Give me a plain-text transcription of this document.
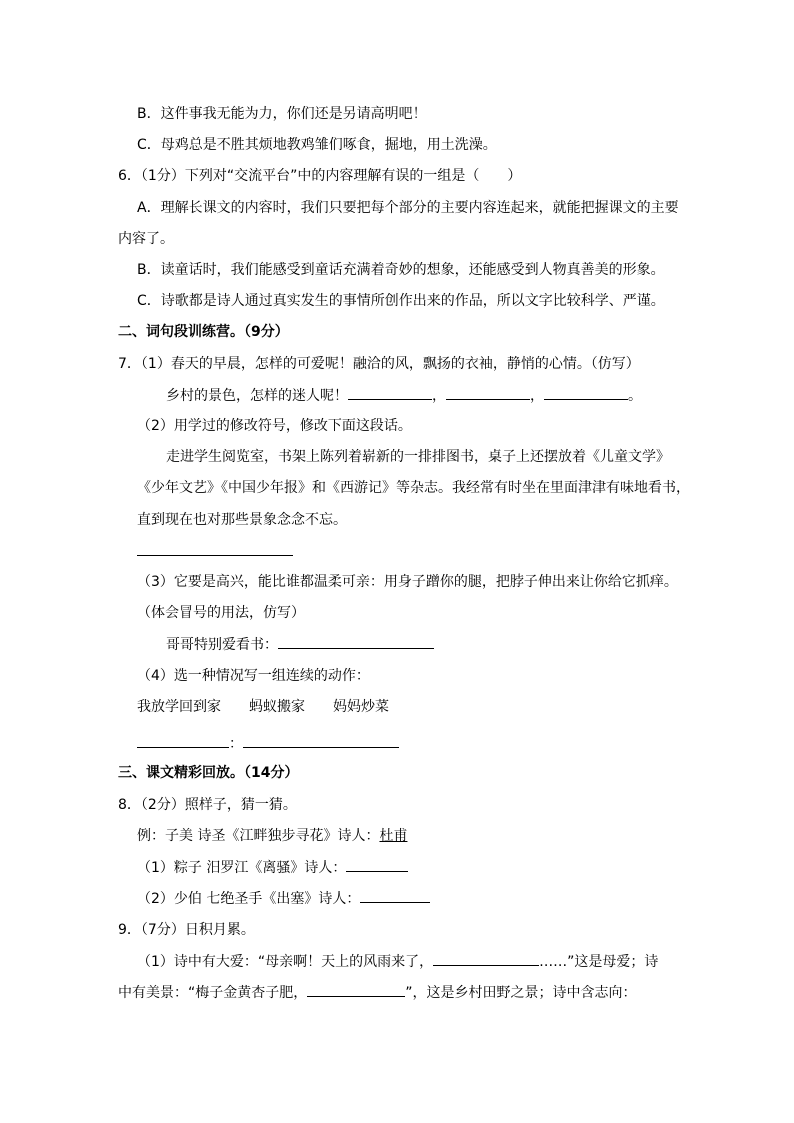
B．这件事我无能为力，你们还是另请高明吧！
C．母鸡总是不胜其烦地教鸡雏们啄食，掘地，用土洗澡。
6．（1分）下列对“交流平台”中的内容理解有误的一组是（　　）
A．理解长课文的内容时，我们只要把每个部分的主要内容连起来，就能把握课文的主要
内容了。
B．读童话时，我们能感受到童话充满着奇妙的想象，还能感受到人物真善美的形象。
C．诗歌都是诗人通过真实发生的事情所创作出来的作品，所以文字比较科学、严谨。
二、词句段训练营。（9分）
7．（1）春天的早晨，怎样的可爱呢！融洽的风，飘扬的衣袖，静悄的心情。（仿写）
乡村的景色，怎样的迷人呢！	，	，	。
（2）用学过的修改符号，修改下面这段话。
走进学生阅览室，书架上陈列着崭新的一排排图书，桌子上还摆放着《儿童文学》
《少年文艺》《中国少年报》和《西游记》等杂志。我经常有时坐在里面津津有味地看书，
直到现在也对那些景象念念不忘。
（3）它要是高兴，能比谁都温柔可亲：用身子蹭你的腿，把脖子伸出来让你给它抓痒。
（体会冒号的用法，仿写）
哥哥特别爱看书：
（4）选一种情况写一组连续的动作：
我放学回到家　　蚂蚁搬家　　妈妈炒菜
：
三、课文精彩回放。（14分）
8．（2分）照样子，猜一猜。
例：子美 诗圣《江畔独步寻花》诗人：杜甫
（1）粽子 汨罗江《离骚》诗人：
（2）少伯 七绝圣手《出塞》诗人：
9．（7分）日积月累。
（1）诗中有大爱：“母亲啊！天上的风雨来了，	……”这是母爱；诗
中有美景：“梅子金黄杏子肥，	”，这是乡村田野之景；诗中含志向：
